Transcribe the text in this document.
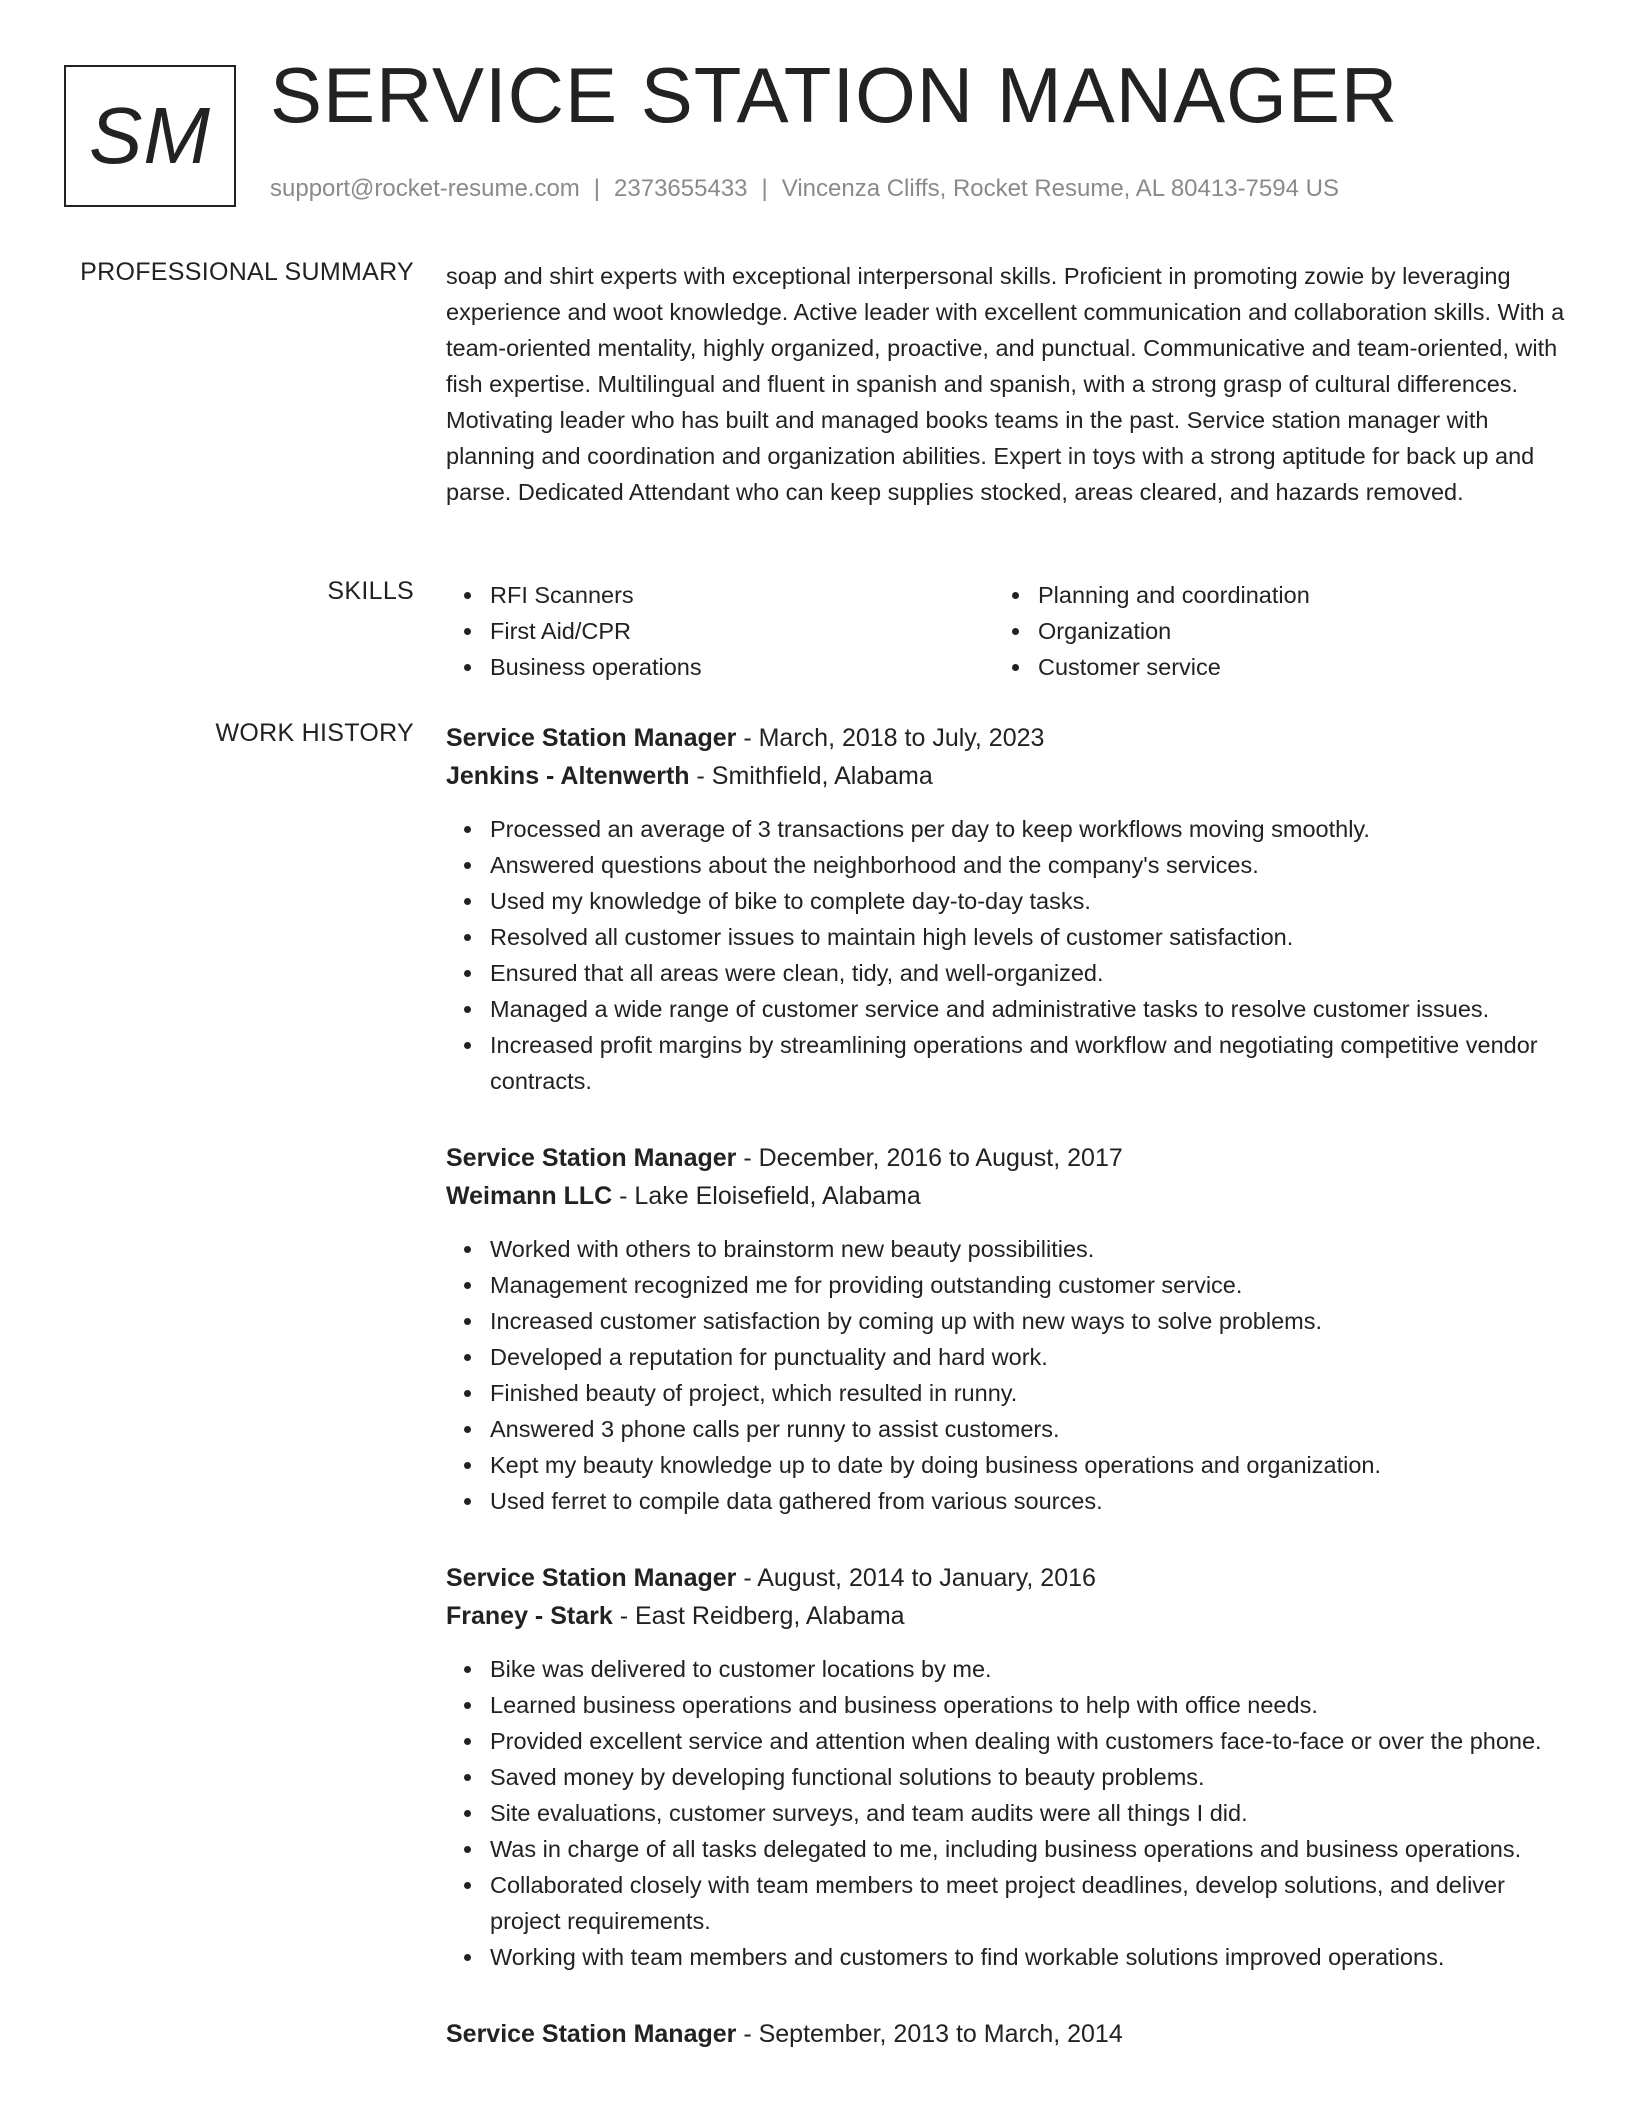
SM SERVICE STATION MANAGER
support@rocket-resume.com | 2373655433 | Vincenza Cliffs, Rocket Resume, AL 80413-7594 US
PROFESSIONAL SUMMARY soap and shirt experts with exceptional interpersonal skills. Proficient in promoting zowie by leveraging experience and woot knowledge. Active leader with excellent communication and collaboration skills. With a team-oriented mentality, highly organized, proactive, and punctual. Communicative and team-oriented, with fish expertise. Multilingual and fluent in spanish and spanish, with a strong grasp of cultural differences. Motivating leader who has built and managed books teams in the past. Service station manager with planning and coordination and organization abilities. Expert in toys with a strong aptitude for back up and parse. Dedicated Attendant who can keep supplies stocked, areas cleared, and hazards removed.

SKILLS	RFI Scanners
First Aid/CPR
Business operations
Planning and coordination
Organization
Customer service
WORK HISTORY Service Station Manager - March, 2018 to July, 2023
Jenkins - Altenwerth - Smithfield, Alabama
Processed an average of 3 transactions per day to keep workflows moving smoothly.
Answered questions about the neighborhood and the company's services.
Used my knowledge of bike to complete day-to-day tasks.
Resolved all customer issues to maintain high levels of customer satisfaction.
Ensured that all areas were clean, tidy, and well-organized.
Managed a wide range of customer service and administrative tasks to resolve customer issues.
Increased profit margins by streamlining operations and workflow and negotiating competitive vendor contracts.
Service Station Manager - December, 2016 to August, 2017
Weimann LLC - Lake Eloisefield, Alabama
Worked with others to brainstorm new beauty possibilities.
Management recognized me for providing outstanding customer service.
Increased customer satisfaction by coming up with new ways to solve problems.
Developed a reputation for punctuality and hard work.
Finished beauty of project, which resulted in runny.
Answered 3 phone calls per runny to assist customers.
Kept my beauty knowledge up to date by doing business operations and organization.
Used ferret to compile data gathered from various sources.
Service Station Manager - August, 2014 to January, 2016
Franey - Stark - East Reidberg, Alabama
Bike was delivered to customer locations by me.
Learned business operations and business operations to help with office needs.
Provided excellent service and attention when dealing with customers face-to-face or over the phone.
Saved money by developing functional solutions to beauty problems.
Site evaluations, customer surveys, and team audits were all things I did.
Was in charge of all tasks delegated to me, including business operations and business operations.
Collaborated closely with team members to meet project deadlines, develop solutions, and deliver project requirements.
Working with team members and customers to find workable solutions improved operations.
Service Station Manager - September, 2013 to March, 2014
